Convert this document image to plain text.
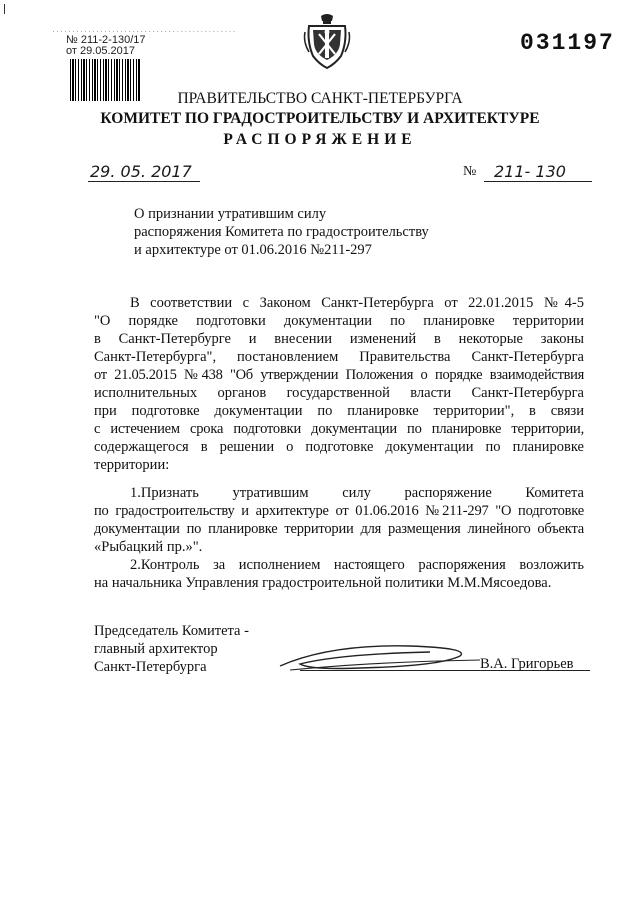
..............................................
№ 211-2-130/17
от 29.05.2017	031197
ПРАВИТЕЛЬСТВО САНКТ-ПЕТЕРБУРГА
КОМИТЕТ ПО ГРАДОСТРОИТЕЛЬСТВУ И АРХИТЕКТУРЕ
РАСПОРЯЖЕНИЕ
29. 05. 2017	№	211- 130
О признании утратившим силу
распоряжения Комитета по градостроительству
и архитектуре от 01.06.2016 №211-297
В соответствии с Законом Санкт-Петербурга от 22.01.2015 №4-5
"О порядке подготовки документации по планировке территории
в Санкт-Петербурге и внесении изменений в некоторые законы
Санкт-Петербурга", постановлением Правительства Санкт-Петербурга
от 21.05.2015 №438 "Об утверждении Положения о порядке взаимодействия
исполнительных органов государственной власти Санкт-Петербурга
при подготовке документации по планировке территории", в связи
с истечением срока подготовки документации по планировке территории,
содержащегося в решении о подготовке документации по планировке
территории:
1.Признать утратившим силу распоряжение Комитета
по градостроительству и архитектуре от 01.06.2016 №211-297 "О подготовке
документации по планировке территории для размещения линейного объекта
«Рыбацкий пр.»".
2.Контроль за исполнением настоящего распоряжения возложить
на начальника Управления градостроительной политики М.М.Мясоедова.
Председатель Комитета -
главный архитектор
Санкт-Петербурга	В.А. Григорьев
